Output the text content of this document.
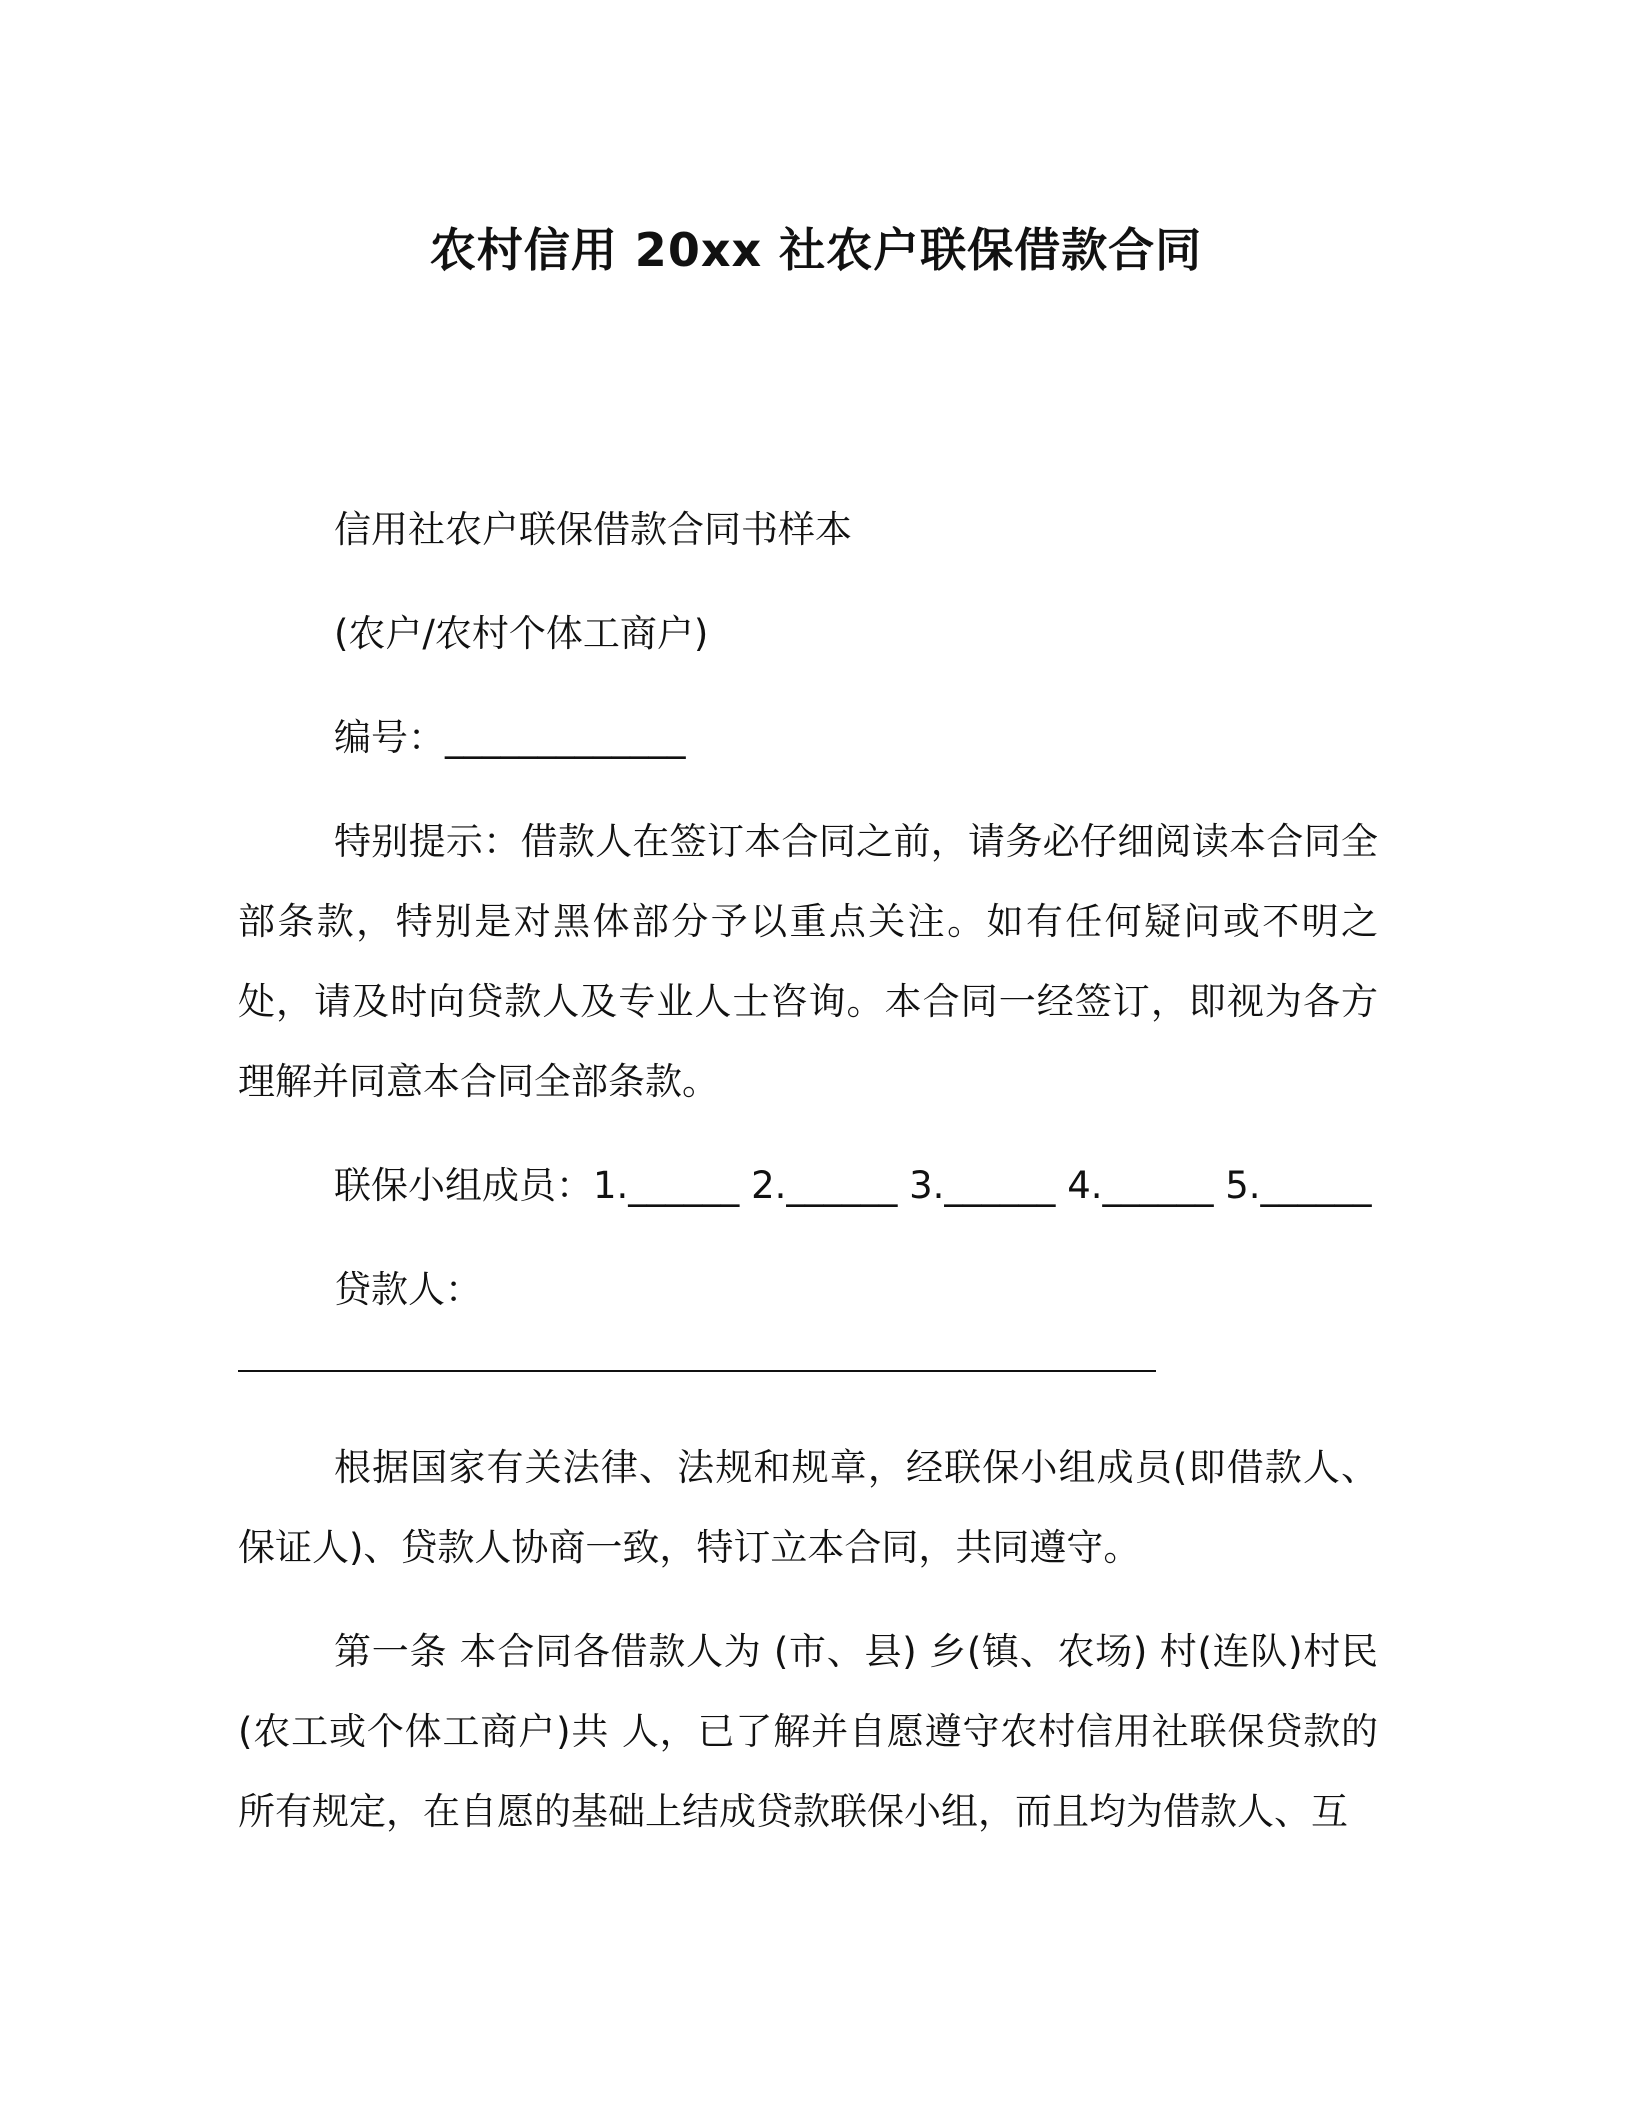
农村信用 20xx 社农户联保借款合同

信用社农户联保借款合同书样本

(农户/农村个体工商户)

编号：_____________

特别提示：借款人在签订本合同之前，请务必仔细阅读本合同全部条款，特别是对黑体部分予以重点关注。如有任何疑问或不明之处，请及时向贷款人及专业人士咨询。本合同一经签订，即视为各方理解并同意本合同全部条款。

联保小组成员：1.______ 2.______ 3.______ 4.______ 5.______

贷款人：

根据国家有关法律、法规和规章，经联保小组成员(即借款人、保证人)、贷款人协商一致，特订立本合同，共同遵守。

第一条 本合同各借款人为 (市、县) 乡(镇、农场) 村(连队)村民(农工或个体工商户)共 人，已了解并自愿遵守农村信用社联保贷款的所有规定，在自愿的基础上结成贷款联保小组，而且均为借款人、互
